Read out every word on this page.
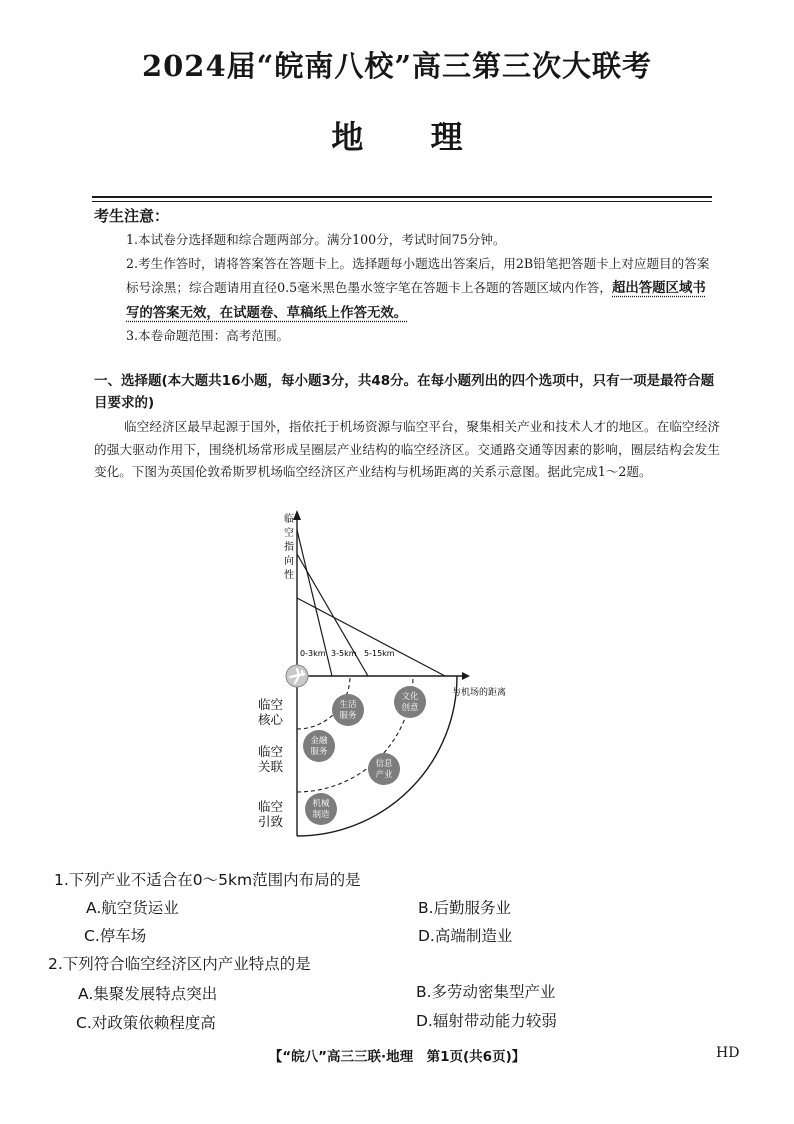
2024届“皖南八校”高三第三次大联考
地 理
考生注意：
1.本试卷分选择题和综合题两部分。满分100分，考试时间75分钟。
2.考生作答时，请将答案答在答题卡上。选择题每小题选出答案后，用2B铅笔把答题卡上对应题目的答案标号涂黑；综合题请用直径0.5毫米黑色墨水签字笔在答题卡上各题的答题区域内作答，超出答题区域书写的答案无效，在试题卷、草稿纸上作答无效。
3.本卷命题范围：高考范围。
一、选择题(本大题共16小题，每小题3分，共48分。在每小题列出的四个选项中，只有一项是最符合题目要求的)
临空经济区最早起源于国外，指依托于机场资源与临空平台，聚集相关产业和技术人才的地区。在临空经济的强大驱动作用下，围绕机场常形成呈圈层产业结构的临空经济区。交通路交通等因素的影响，圈层结构会发生变化。下图为英国伦敦希斯罗机场临空经济区产业结构与机场距离的关系示意图。据此完成1～2题。
0-3km 3-5km 5-15km
临
空
指
向
性
与机场的距离
临空
核心
临空
关联
临空
引致
生活
服务
文化
创意
金融
服务
信息
产业
机械
制造
1.下列产业不适合在0～5km范围内布局的是
A.航空货运业	B.后勤服务业
C.停车场	D.高端制造业
2.下列符合临空经济区内产业特点的是
A.集聚发展特点突出	B.多劳动密集型产业
C.对政策依赖程度高	D.辐射带动能力较弱
【“皖八”高三三联·地理　第1页(共6页)】	HD
